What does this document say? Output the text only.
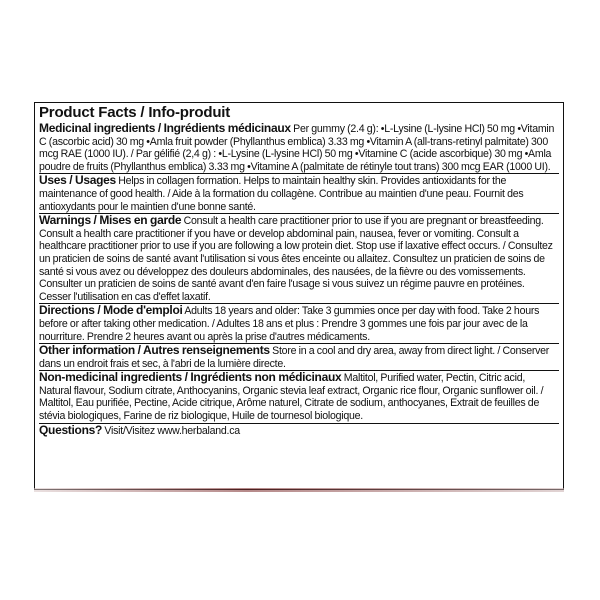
Product Facts / Info-produit
Medicinal ingredients / Ingrédients médicinaux Per gummy (2.4 g): •L-Lysine (L-lysine HCl) 50 mg •Vitamin C (ascorbic acid) 30 mg •Amla fruit powder (Phyllanthus emblica) 3.33 mg •Vitamin A (all-trans-retinyl palmitate) 300 mcg RAE (1000 IU). / Par gélifié (2,4 g) : •L-Lysine (L-lysine HCl) 50 mg •Vitamine C (acide ascorbique) 30 mg •Amla poudre de fruits (Phyllanthus emblica) 3.33 mg •Vitamine A (palmitate de rétinyle tout trans) 300 mcg EAR (1000 UI).
Uses / Usages Helps in collagen formation. Helps to maintain healthy skin. Provides antioxidants for the maintenance of good health. / Aide à la formation du collagène. Contribue au maintien d'une peau. Fournit des antioxydants pour le maintien d'une bonne santé.
Warnings / Mises en garde Consult a health care practitioner prior to use if you are pregnant or breastfeeding. Consult a health care practitioner if you have or develop abdominal pain, nausea, fever or vomiting. Consult a healthcare practitioner prior to use if you are following a low protein diet. Stop use if laxative effect occurs. / Consultez un praticien de soins de santé avant l'utilisation si vous êtes enceinte ou allaitez. Consultez un praticien de soins de santé si vous avez ou développez des douleurs abdominales, des nausées, de la fièvre ou des vomissements. Consulter un praticien de soins de santé avant d'en faire l'usage si vous suivez un régime pauvre en protéines. Cesser l'utilisation en cas d'effet laxatif.
Directions / Mode d'emploi Adults 18 years and older: Take 3 gummies once per day with food. Take 2 hours before or after taking other medication. / Adultes 18 ans et plus : Prendre 3 gommes une fois par jour avec de la nourriture. Prendre 2 heures avant ou après la prise d'autres médicaments.
Other information / Autres renseignements Store in a cool and dry area, away from direct light. / Conserver dans un endroit frais et sec, à l'abri de la lumière directe.
Non-medicinal ingredients / Ingrédients non médicinaux Maltitol, Purified water, Pectin, Citric acid, Natural flavour, Sodium citrate, Anthocyanins, Organic stevia leaf extract, Organic rice flour, Organic sunflower oil. / Maltitol, Eau purifiée, Pectine, Acide citrique, Arôme naturel, Citrate de sodium, anthocyanes, Extrait de feuilles de stévia biologiques, Farine de riz biologique, Huile de tournesol biologique.
Questions? Visit/Visitez www.herbaland.ca
